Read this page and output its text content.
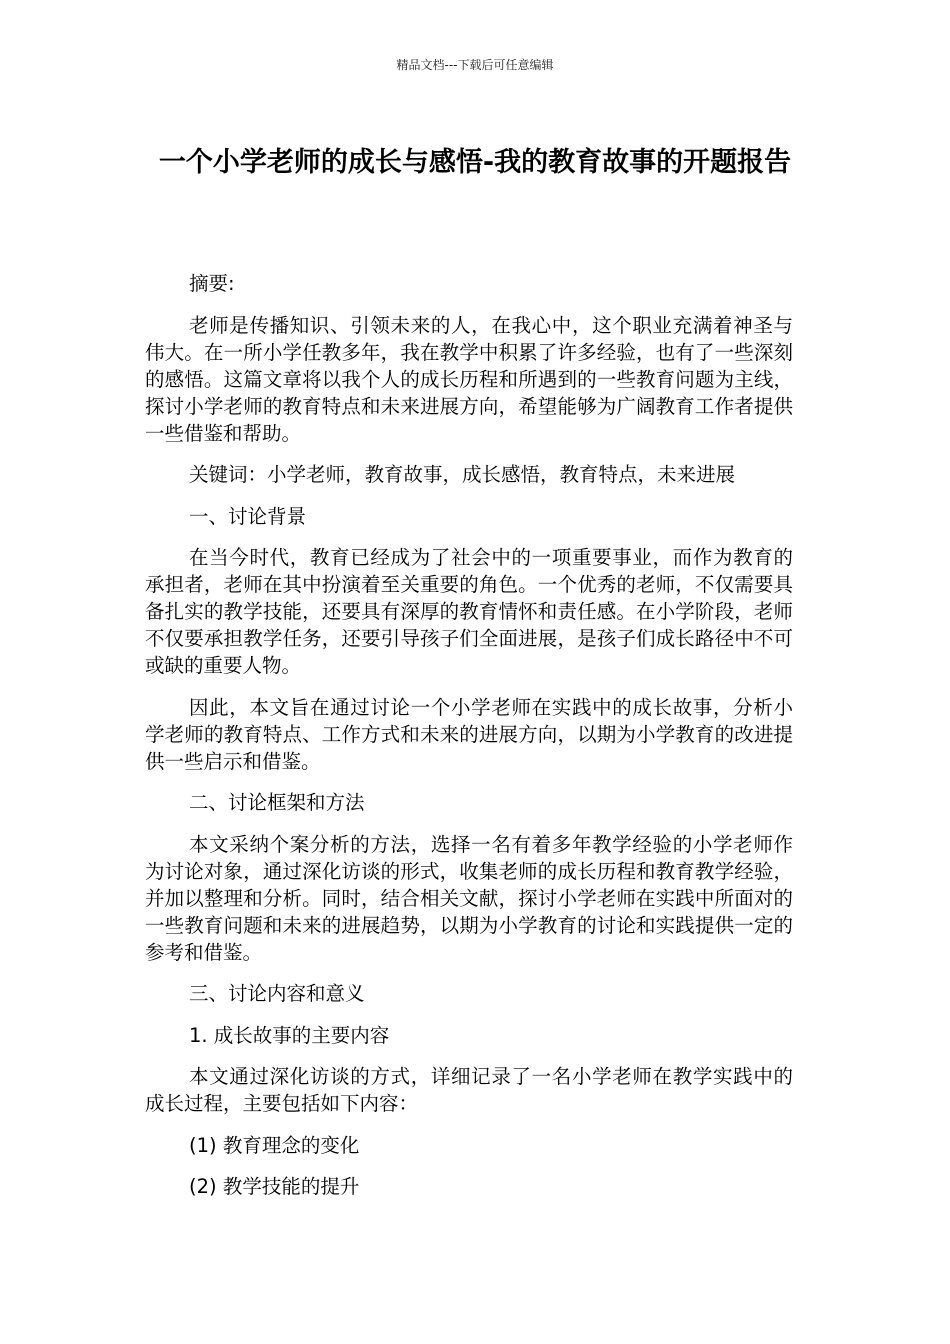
精品文档---下载后可任意编辑
一个小学老师的成长与感悟-我的教育故事的开题报告

摘要:

老师是传播知识、引领未来的人，在我心中，这个职业充满着神圣与伟大。在一所小学任教多年，我在教学中积累了许多经验，也有了一些深刻的感悟。这篇文章将以我个人的成长历程和所遇到的一些教育问题为主线，探讨小学老师的教育特点和未来进展方向，希望能够为广阔教育工作者提供一些借鉴和帮助。

关键词：小学老师，教育故事，成长感悟，教育特点，未来进展

一、讨论背景

在当今时代，教育已经成为了社会中的一项重要事业，而作为教育的承担者，老师在其中扮演着至关重要的角色。一个优秀的老师，不仅需要具备扎实的教学技能，还要具有深厚的教育情怀和责任感。在小学阶段，老师不仅要承担教学任务，还要引导孩子们全面进展，是孩子们成长路径中不可或缺的重要人物。

因此，本文旨在通过讨论一个小学老师在实践中的成长故事，分析小学老师的教育特点、工作方式和未来的进展方向，以期为小学教育的改进提供一些启示和借鉴。

二、讨论框架和方法

本文采纳个案分析的方法，选择一名有着多年教学经验的小学老师作为讨论对象，通过深化访谈的形式，收集老师的成长历程和教育教学经验，并加以整理和分析。同时，结合相关文献，探讨小学老师在实践中所面对的一些教育问题和未来的进展趋势，以期为小学教育的讨论和实践提供一定的参考和借鉴。

三、讨论内容和意义

1. 成长故事的主要内容

本文通过深化访谈的方式，详细记录了一名小学老师在教学实践中的成长过程，主要包括如下内容：

(1) 教育理念的变化

(2) 教学技能的提升
